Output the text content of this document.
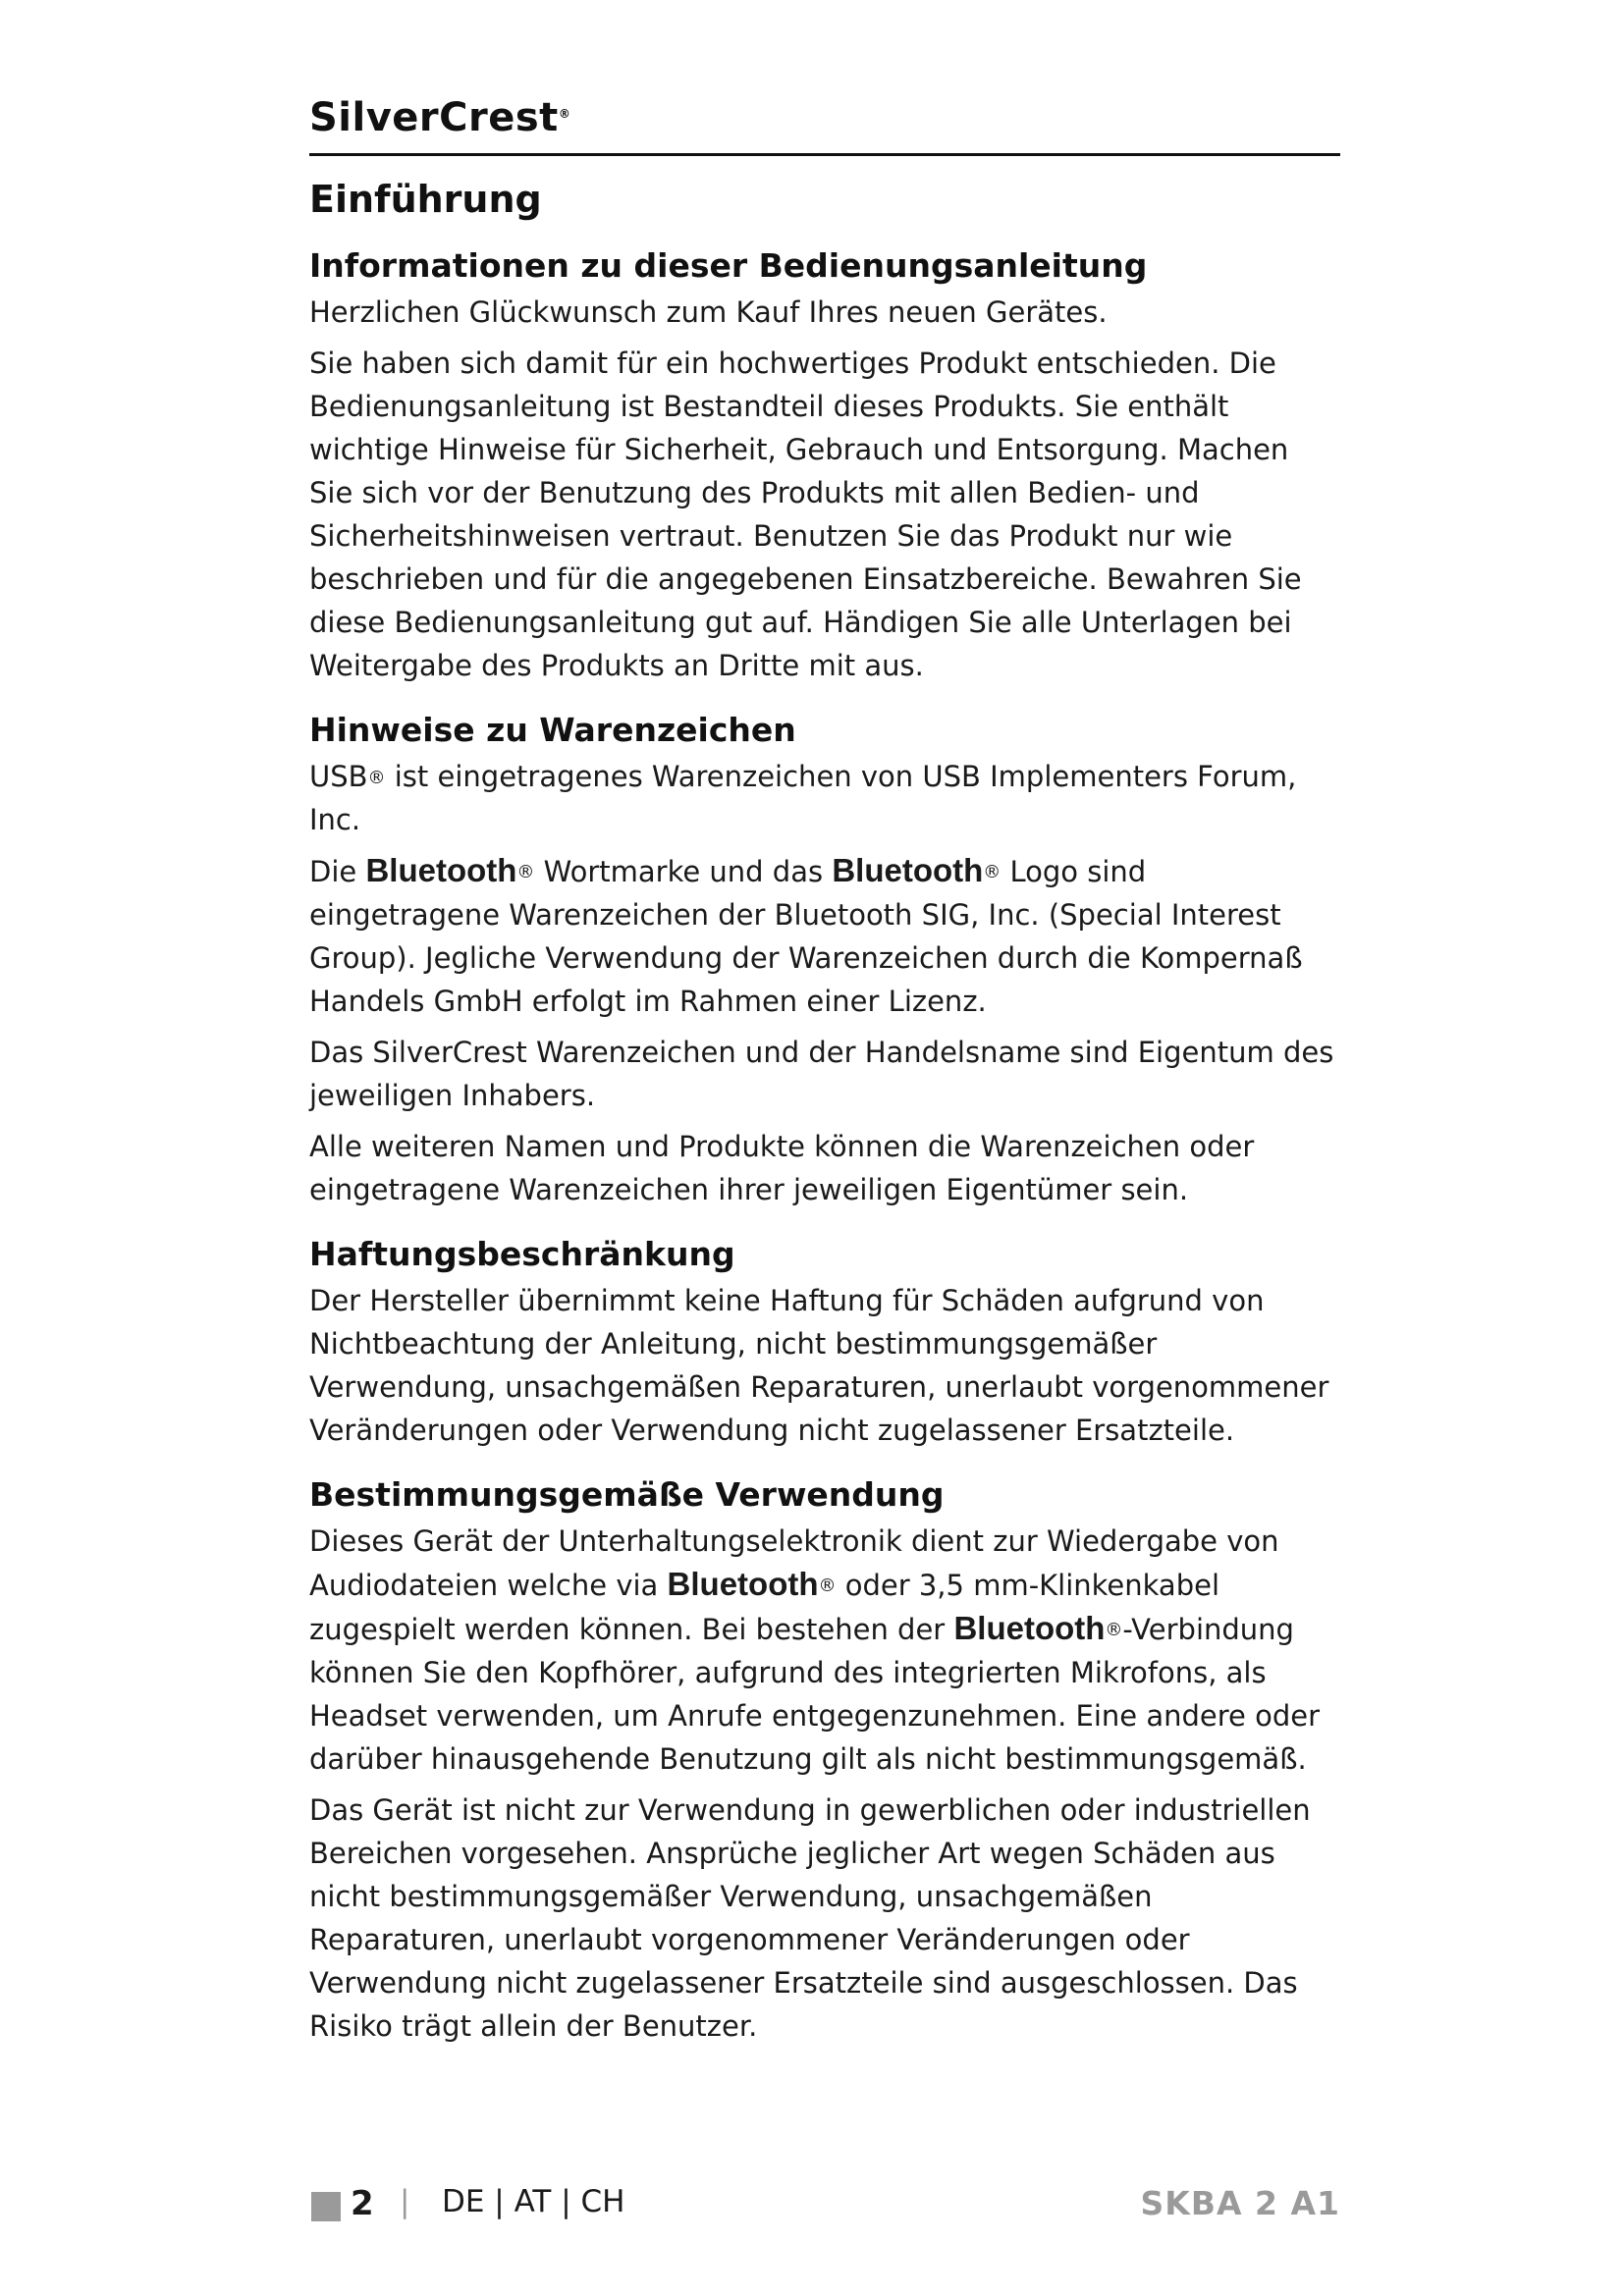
SilverCrest®
Einführung
Informationen zu dieser Bedienungsanleitung

Herzlichen Glückwunsch zum Kauf Ihres neuen Gerätes.

Sie haben sich damit für ein hochwertiges Produkt entschieden. Die Bedienungsanleitung ist Bestandteil dieses Produkts. Sie enthält wichtige Hinweise für Sicherheit, Gebrauch und Entsorgung. Machen Sie sich vor der Benutzung des Produkts mit allen Bedien- und Sicherheitshinweisen vertraut. Benutzen Sie das Produkt nur wie beschrieben und für die angegebenen Einsatzbereiche. Bewahren Sie diese Bedienungsanleitung gut auf. Händigen Sie alle Unterlagen bei Weitergabe des Produkts an Dritte mit aus.

Hinweise zu Warenzeichen

USB® ist eingetragenes Warenzeichen von USB Implementers Forum, Inc.

Die Bluetooth® Wortmarke und das Bluetooth® Logo sind eingetragene Warenzeichen der Bluetooth SIG, Inc. (Special Interest Group). Jegliche Verwendung der Warenzeichen durch die Kompernaß Handels GmbH erfolgt im Rahmen einer Lizenz.

Das SilverCrest Warenzeichen und der Handelsname sind Eigentum des jeweiligen Inhabers.

Alle weiteren Namen und Produkte können die Warenzeichen oder eingetragene Warenzeichen ihrer jeweiligen Eigentümer sein.

Haftungsbeschränkung

Der Hersteller übernimmt keine Haftung für Schäden aufgrund von Nichtbeachtung der Anleitung, nicht bestimmungsgemäßer Verwendung, unsachgemäßen Reparaturen, unerlaubt vorgenommener Veränderungen oder Verwendung nicht zugelassener Ersatzteile.

Bestimmungsgemäße Verwendung

Dieses Gerät der Unterhaltungselektronik dient zur Wiedergabe von Audiodateien welche via Bluetooth® oder 3,5 mm-Klinkenkabel zugespielt werden können. Bei bestehen der Bluetooth®-Verbindung können Sie den Kopfhörer, aufgrund des integrierten Mikrofons, als Headset verwenden, um Anrufe entgegenzunehmen. Eine andere oder darüber hinausgehende Benutzung gilt als nicht bestimmungsgemäß.

Das Gerät ist nicht zur Verwendung in gewerblichen oder industriellen Bereichen vorgesehen. Ansprüche jeglicher Art wegen Schäden aus nicht bestimmungsgemäßer Verwendung, unsachgemäßen Reparaturen, unerlaubt vorgenommener Veränderungen oder Verwendung nicht zugelassener Ersatzteile sind ausgeschlossen. Das Risiko trägt allein der Benutzer.

2 | DE | AT | CH	SKBA 2 A1
